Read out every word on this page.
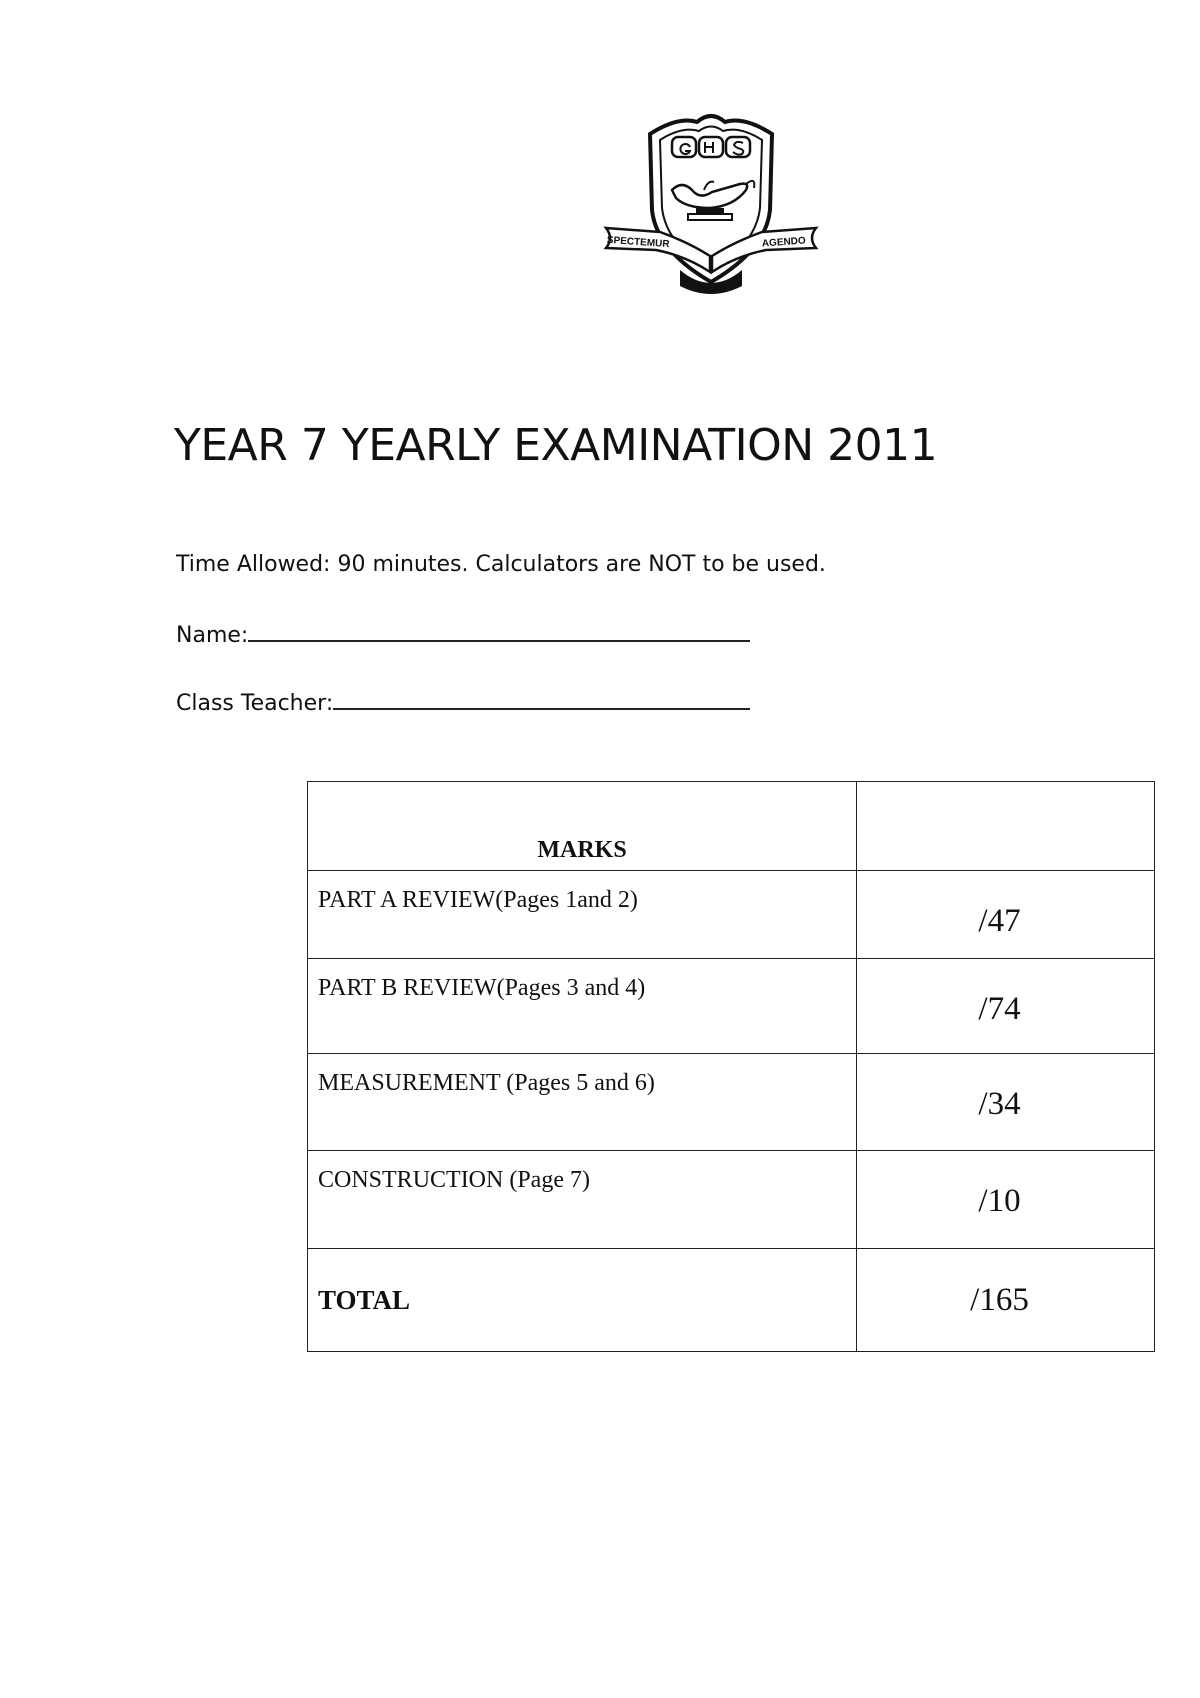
SPECTEMUR	AGENDO
YEAR 7 YEARLY EXAMINATION 2011
Time Allowed: 90 minutes. Calculators are NOT to be used.
Name:
Class Teacher:
MARKS	
PART A REVIEW(Pages 1and 2)	/47
PART B REVIEW(Pages 3 and 4)	/74
MEASUREMENT (Pages 5 and 6)	/34
CONSTRUCTION (Page 7)	/10
TOTAL	/165
